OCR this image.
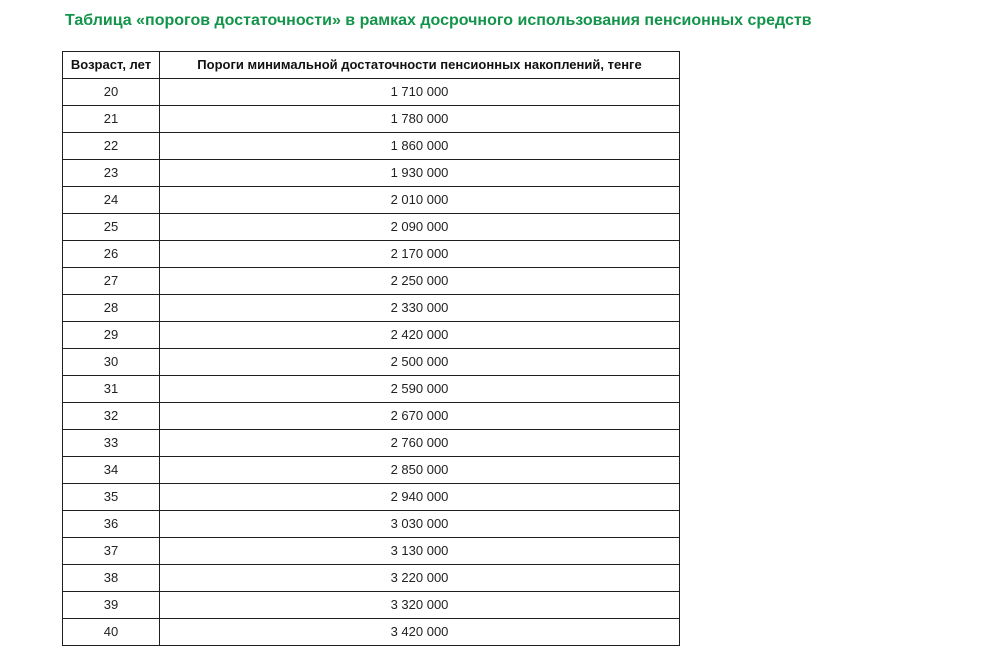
Таблица «порогов достаточности» в рамках досрочного использования пенсионных средств
Возраст, лет	Пороги минимальной достаточности пенсионных накоплений, тенге
20	1 710 000
21	1 780 000
22	1 860 000
23	1 930 000
24	2 010 000
25	2 090 000
26	2 170 000
27	2 250 000
28	2 330 000
29	2 420 000
30	2 500 000
31	2 590 000
32	2 670 000
33	2 760 000
34	2 850 000
35	2 940 000
36	3 030 000
37	3 130 000
38	3 220 000
39	3 320 000
40	3 420 000
